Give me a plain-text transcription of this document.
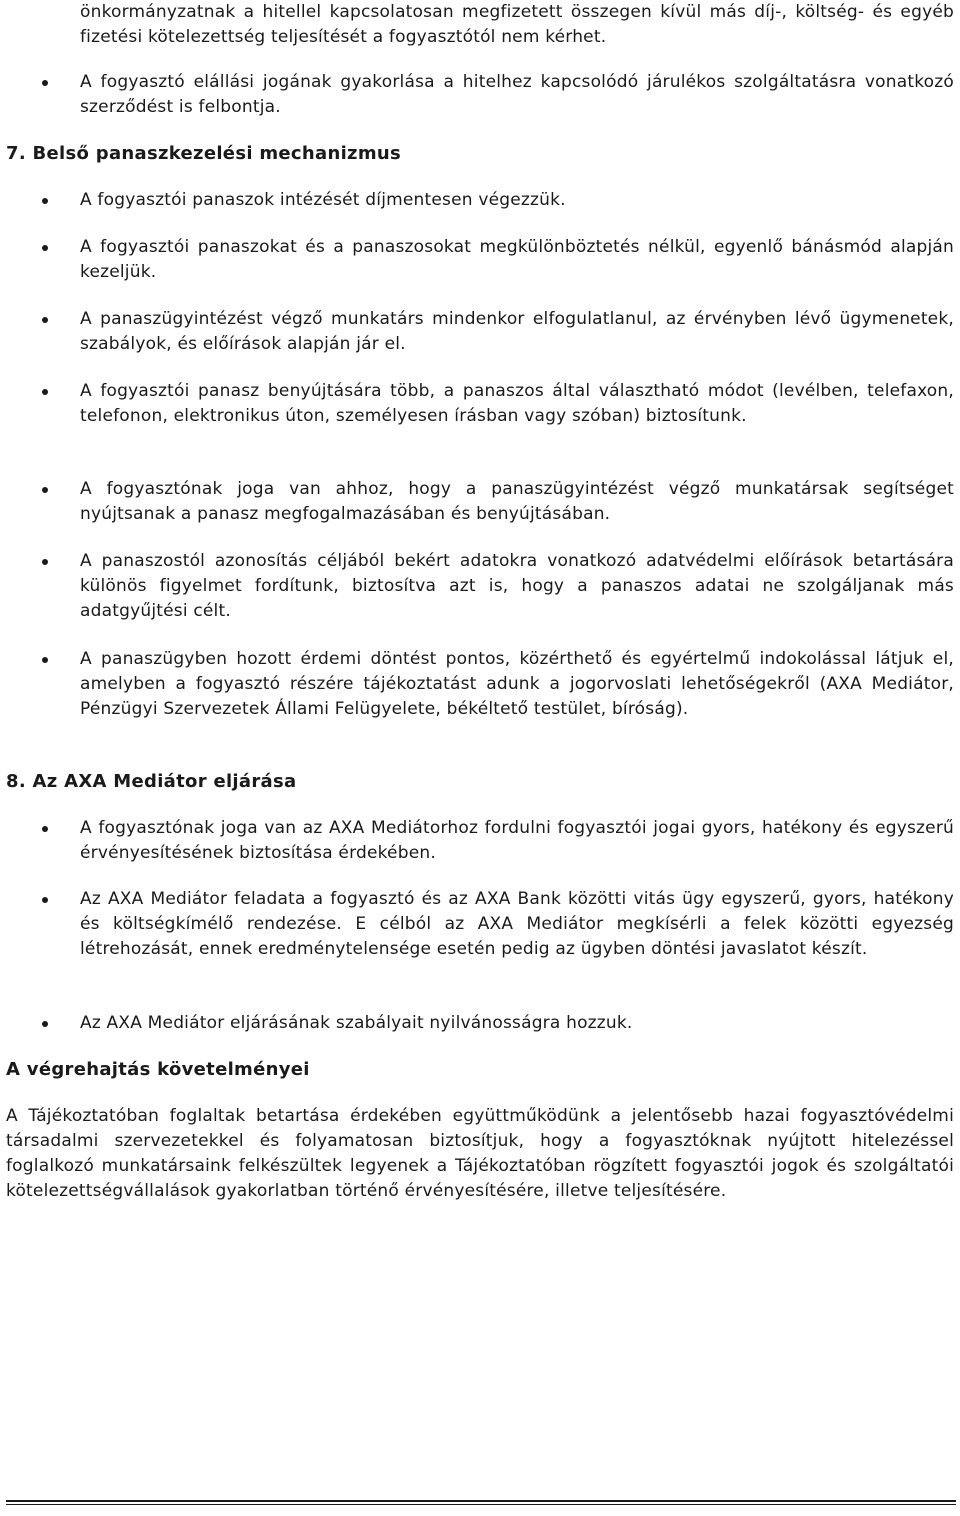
önkormányzatnak a hitellel kapcsolatosan megfizetett összegen kívül más díj-, költség- és egyéb fizetési kötelezettség teljesítését a fogyasztótól nem kérhet.
A fogyasztó elállási jogának gyakorlása a hitelhez kapcsolódó járulékos szolgáltatásra vonatkozó szerződést is felbontja.
7. Belső panaszkezelési mechanizmus
A fogyasztói panaszok intézését díjmentesen végezzük.
A fogyasztói panaszokat és a panaszosokat megkülönböztetés nélkül, egyenlő bánásmód alapján kezeljük.
A panaszügyintézést végző munkatárs mindenkor elfogulatlanul, az érvényben lévő ügymenetek, szabályok, és előírások alapján jár el.
A fogyasztói panasz benyújtására több, a panaszos által választható módot (levélben, telefaxon, telefonon, elektronikus úton, személyesen írásban vagy szóban) biztosítunk.
A fogyasztónak joga van ahhoz, hogy a panaszügyintézést végző munkatársak segítséget nyújtsanak a panasz megfogalmazásában és benyújtásában.
A panaszostól azonosítás céljából bekért adatokra vonatkozó adatvédelmi előírások betartására különös figyelmet fordítunk, biztosítva azt is, hogy a panaszos adatai ne szolgáljanak más adatgyűjtési célt.
A panaszügyben hozott érdemi döntést pontos, közérthető és egyértelmű indokolással látjuk el, amelyben a fogyasztó részére tájékoztatást adunk a jogorvoslati lehetőségekről (AXA Mediátor, Pénzügyi Szervezetek Állami Felügyelete, békéltető testület, bíróság).
8. Az AXA Mediátor eljárása
A fogyasztónak joga van az AXA Mediátorhoz fordulni fogyasztói jogai gyors, hatékony és egyszerű érvényesítésének biztosítása érdekében.
Az AXA Mediátor feladata a fogyasztó és az AXA Bank közötti vitás ügy egyszerű, gyors, hatékony és költségkímélő rendezése. E célból az AXA Mediátor megkísérli a felek közötti egyezség létrehozását, ennek eredménytelensége esetén pedig az ügyben döntési javaslatot készít.
Az AXA Mediátor eljárásának szabályait nyilvánosságra hozzuk.
A végrehajtás követelményei
A Tájékoztatóban foglaltak betartása érdekében együttműködünk a jelentősebb hazai fogyasztóvédelmi társadalmi szervezetekkel és folyamatosan biztosítjuk, hogy a fogyasztóknak nyújtott hitelezéssel foglalkozó munkatársaink felkészültek legyenek a Tájékoztatóban rögzített fogyasztói jogok és szolgáltatói kötelezettségvállalások gyakorlatban történő érvényesítésére, illetve teljesítésére.
